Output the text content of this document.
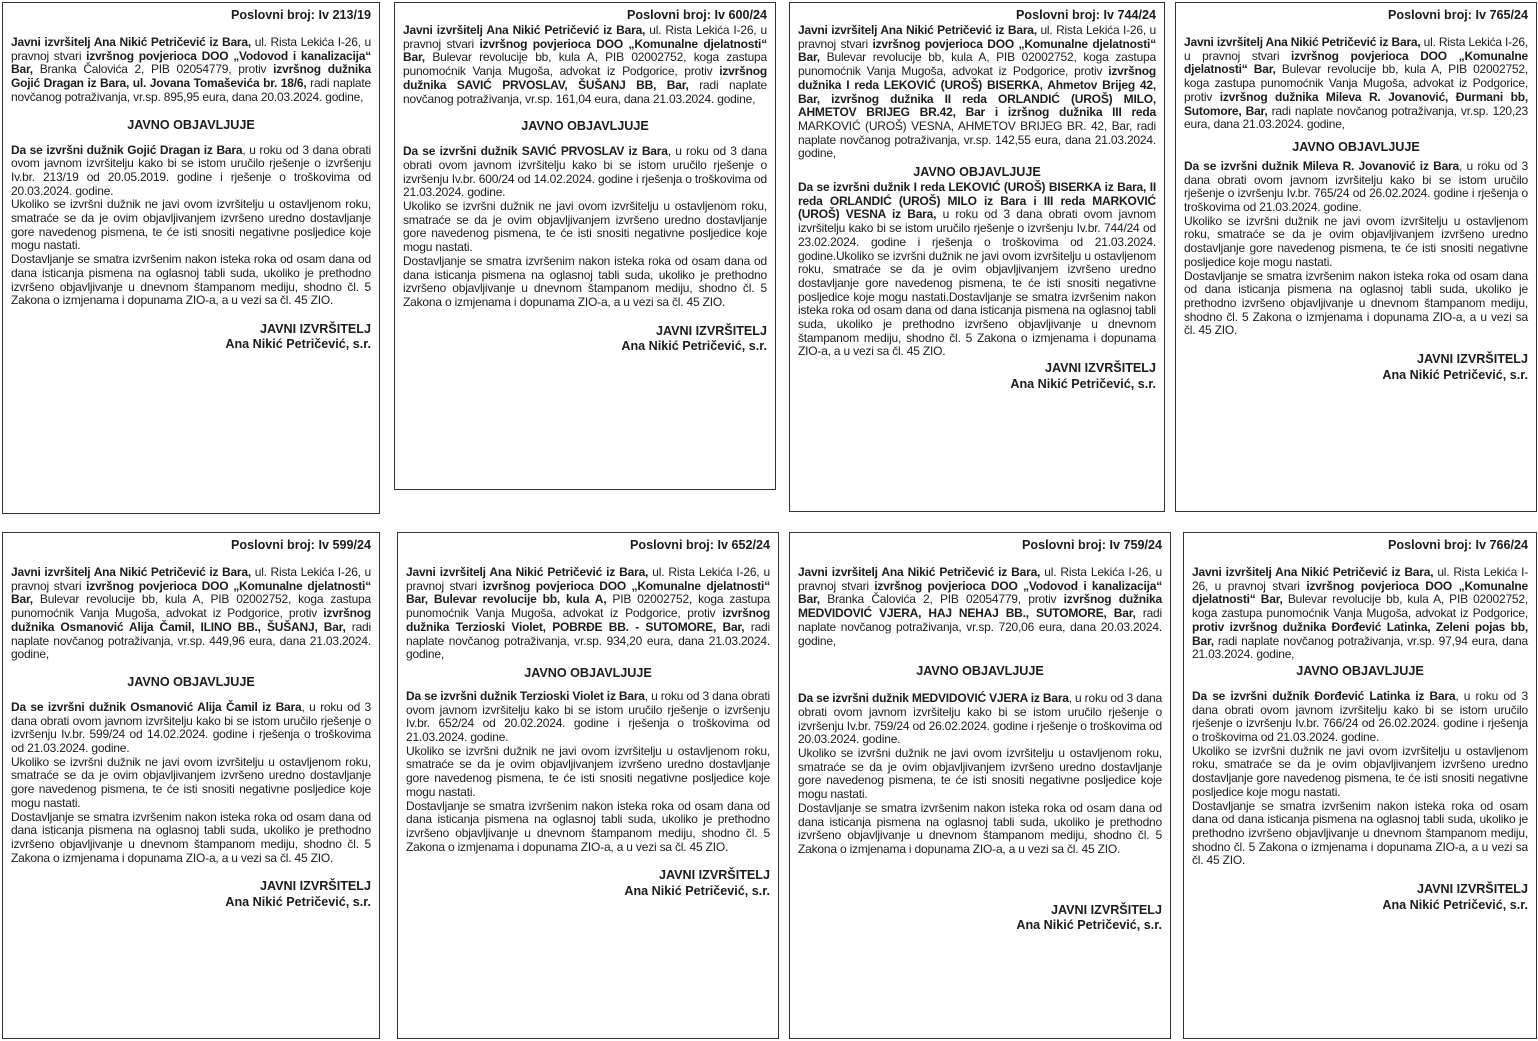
Poslovni broj: Iv 213/19
Javni izvršitelj Ana Nikić Petričević iz Bara, ul. Rista Lekića I-26, u pravnoj stvari izvršnog povjerioca DOO „Vodovod i kanalizacija“ Bar, Branka Čalovića 2, PIB 02054779, protiv izvršnog dužnika Gojić Dragan iz Bara, ul. Jovana Tomaševića br. 18/6, radi naplate novčanog potraživanja, vr.sp. 895,95 eura, dana 20.03.2024. godine,
JAVNO OBJAVLJUJE
Da se izvršni dužnik Gojić Dragan iz Bara, u roku od 3 dana obrati ovom javnom izvršitelju kako bi se istom uručilo rješenje o izvršenju Iv.br. 213/19 od 20.05.2019. godine i rješenje o troškovima od 20.03.2024. godine.
Ukoliko se izvršni dužnik ne javi ovom izvršitelju u ostavljenom roku, smatraće se da je ovim objavljivanjem izvršeno uredno dostavljanje gore navedenog pismena, te će isti snositi negativne posljedice koje mogu nastati.
Dostavljanje se smatra izvršenim nakon isteka roka od osam dana od dana isticanja pismena na oglasnoj tabli suda, ukoliko je prethodno izvršeno objavljivanje u dnevnom štampanom mediju, shodno čl. 5 Zakona o izmjenama i dopunama ZIO-a, a u vezi sa čl. 45 ZIO.
JAVNI IZVRŠITELJ
Ana Nikić Petričević, s.r.
Poslovni broj: Iv 600/24
Javni izvršitelj Ana Nikić Petričević iz Bara, ul. Rista Lekića I-26, u pravnoj stvari izvršnog povjerioca DOO „Komunalne djelatnosti“ Bar, Bulevar revolucije bb, kula A, PIB 02002752, koga zastupa punomoćnik Vanja Mugoša, advokat iz Podgorice, protiv izvršnog dužnika SAVIĆ PRVOSLAV, ŠUŠANJ BB, Bar, radi naplate novčanog potraživanja, vr.sp. 161,04 eura, dana 21.03.2024. godine,
JAVNO OBJAVLJUJE
Da se izvršni dužnik SAVIĆ PRVOSLAV iz Bara, u roku od 3 dana obrati ovom javnom izvršitelju kako bi se istom uručilo rješenje o izvršenju Iv.br. 600/24 od 14.02.2024. godine i rješenja o troškovima od 21.03.2024. godine.
Ukoliko se izvršni dužnik ne javi ovom izvršitelju u ostavljenom roku, smatraće se da je ovim objavljivanjem izvršeno uredno dostavljanje gore navedenog pismena, te će isti snositi negativne posljedice koje mogu nastati.
Dostavljanje se smatra izvršenim nakon isteka roka od osam dana od dana isticanja pismena na oglasnoj tabli suda, ukoliko je prethodno izvršeno objavljivanje u dnevnom štampanom mediju, shodno čl. 5 Zakona o izmjenama i dopunama ZIO-a, a u vezi sa čl. 45 ZIO.
JAVNI IZVRŠITELJ
Ana Nikić Petričević, s.r.
Poslovni broj: Iv 744/24
Javni izvršitelj Ana Nikić Petričević iz Bara, ul. Rista Lekića I-26, u pravnoj stvari izvršnog povjerioca DOO „Komunalne djelatnosti“ Bar, Bulevar revolucije bb, kula A, PIB 02002752, koga zastupa punomoćnik Vanja Mugoša, advokat iz Podgorice, protiv izvršnog dužnika I reda LEKOVIĆ (UROŠ) BISERKA, Ahmetov Brijeg 42, Bar, izvršnog dužnika II reda ORLANDIĆ (UROŠ) MILO, AHMETOV BRIJEG BR.42, Bar i izršnog dužnika III reda MARKOVIĆ (UROŠ) VESNA, AHMETOV BRIJEG BR. 42, Bar, radi naplate novčanog potraživanja, vr.sp. 142,55 eura, dana 21.03.2024. godine,
JAVNO OBJAVLJUJE
Da se izvršni dužnik I reda LEKOVIĆ (UROŠ) BISERKA iz Bara, II reda ORLANDIĆ (UROŠ) MILO iz Bara i III reda MARKOVIĆ (UROŠ) VESNA iz Bara, u roku od 3 dana obrati ovom javnom izvršitelju kako bi se istom uručilo rješenje o izvršenju Iv.br. 744/24 od 23.02.2024. godine i rješenja o troškovima od 21.03.2024. godine.Ukoliko se izvršni dužnik ne javi ovom izvršitelju u ostavljenom roku, smatraće se da je ovim objavljivanjem izvršeno uredno dostavljanje gore navedenog pismena, te će isti snositi negativne posljedice koje mogu nastati.Dostavljanje se smatra izvršenim nakon isteka roka od osam dana od dana isticanja pismena na oglasnoj tabli suda, ukoliko je prethodno izvršeno objavljivanje u dnevnom štampanom mediju, shodno čl. 5 Zakona o izmjenama i dopunama ZIO-a, a u vezi sa čl. 45 ZIO.
JAVNI IZVRŠITELJ
Ana Nikić Petričević, s.r.
Poslovni broj: Iv 765/24
Javni izvršitelj Ana Nikić Petričević iz Bara, ul. Rista Lekića I-26, u pravnoj stvari izvršnog povjerioca DOO „Komunalne djelatnosti“ Bar, Bulevar revolucije bb, kula A, PIB 02002752, koga zastupa punomoćnik Vanja Mugoša, advokat iz Podgorice, protiv izvršnog dužnika Mileva R. Jovanović, Đurmani bb, Sutomore, Bar, radi naplate novčanog potraživanja, vr.sp. 120,23 eura, dana 21.03.2024. godine,
JAVNO OBJAVLJUJE
Da se izvršni dužnik Mileva R. Jovanović iz Bara, u roku od 3 dana obrati ovom javnom izvršitelju kako bi se istom uručilo rješenje o izvršenju Iv.br. 765/24 od 26.02.2024. godine i rješenja o troškovima od 21.03.2024. godine.
Ukoliko se izvršni dužnik ne javi ovom izvršitelju u ostavljenom roku, smatraće se da je ovim objavljivanjem izvršeno uredno dostavljanje gore navedenog pismena, te će isti snositi negativne posljedice koje mogu nastati.
Dostavljanje se smatra izvršenim nakon isteka roka od osam dana od dana isticanja pismena na oglasnoj tabli suda, ukoliko je prethodno izvršeno objavljivanje u dnevnom štampanom mediju, shodno čl. 5 Zakona o izmjenama i dopunama ZIO-a, a u vezi sa čl. 45 ZIO.
JAVNI IZVRŠITELJ
Ana Nikić Petričević, s.r.
Poslovni broj: Iv 599/24
Javni izvršitelj Ana Nikić Petričević iz Bara, ul. Rista Lekića I-26, u pravnoj stvari izvršnog povjerioca DOO „Komunalne djelatnosti“ Bar, Bulevar revolucije bb, kula A, PIB 02002752, koga zastupa punomoćnik Vanja Mugoša, advokat iz Podgorice, protiv izvršnog dužnika Osmanović Alija Čamil, ILINO BB., ŠUŠANJ, Bar, radi naplate novčanog potraživanja, vr.sp. 449,96 eura, dana 21.03.2024. godine,
JAVNO OBJAVLJUJE
Da se izvršni dužnik Osmanović Alija Čamil iz Bara, u roku od 3 dana obrati ovom javnom izvršitelju kako bi se istom uručilo rješenje o izvršenju Iv.br. 599/24 od 14.02.2024. godine i rješenja o troškovima od 21.03.2024. godine.
Ukoliko se izvršni dužnik ne javi ovom izvršitelju u ostavljenom roku, smatraće se da je ovim objavljivanjem izvršeno uredno dostavljanje gore navedenog pismena, te će isti snositi negativne posljedice koje mogu nastati.
Dostavljanje se smatra izvršenim nakon isteka roka od osam dana od dana isticanja pismena na oglasnoj tabli suda, ukoliko je prethodno izvršeno objavljivanje u dnevnom štampanom mediju, shodno čl. 5 Zakona o izmjenama i dopunama ZIO-a, a u vezi sa čl. 45 ZIO.
JAVNI IZVRŠITELJ
Ana Nikić Petričević, s.r.
Poslovni broj: Iv 652/24
Javni izvršitelj Ana Nikić Petričević iz Bara, ul. Rista Lekića I-26, u pravnoj stvari izvršnog povjerioca DOO „Komunalne djelatnosti“ Bar, Bulevar revolucije bb, kula A, PIB 02002752, koga zastupa punomoćnik Vanja Mugoša, advokat iz Podgorice, protiv izvršnog dužnika Terzioski Violet, POBRĐE BB. - SUTOMORE, Bar, radi naplate novčanog potraživanja, vr.sp. 934,20 eura, dana 21.03.2024. godine,
JAVNO OBJAVLJUJE
Da se izvršni dužnik Terzioski Violet iz Bara, u roku od 3 dana obrati ovom javnom izvršitelju kako bi se istom uručilo rješenje o izvršenju Iv.br. 652/24 od 20.02.2024. godine i rješenja o troškovima od 21.03.2024. godine.
Ukoliko se izvršni dužnik ne javi ovom izvršitelju u ostavljenom roku, smatraće se da je ovim objavljivanjem izvršeno uredno dostavljanje gore navedenog pismena, te će isti snositi negativne posljedice koje mogu nastati.
Dostavljanje se smatra izvršenim nakon isteka roka od osam dana od dana isticanja pismena na oglasnoj tabli suda, ukoliko je prethodno izvršeno objavljivanje u dnevnom štampanom mediju, shodno čl. 5 Zakona o izmjenama i dopunama ZIO-a, a u vezi sa čl. 45 ZIO.
JAVNI IZVRŠITELJ
Ana Nikić Petričević, s.r.
Poslovni broj: Iv 759/24
Javni izvršitelj Ana Nikić Petričević iz Bara, ul. Rista Lekića I-26, u pravnoj stvari izvršnog povjerioca DOO „Vodovod i kanalizacija“ Bar, Branka Čalovića 2, PIB 02054779, protiv izvršnog dužnika MEDVIDOVIĆ VJERA, HAJ NEHAJ BB., SUTOMORE, Bar, radi naplate novčanog potraživanja, vr.sp. 720,06 eura, dana 20.03.2024. godine,
JAVNO OBJAVLJUJE
Da se izvršni dužnik MEDVIDOVIĆ VJERA iz Bara, u roku od 3 dana obrati ovom javnom izvršitelju kako bi se istom uručilo rješenje o izvršenju Iv.br. 759/24 od 26.02.2024. godine i rješenje o troškovima od 20.03.2024. godine.
Ukoliko se izvršni dužnik ne javi ovom izvršitelju u ostavljenom roku, smatraće se da je ovim objavljivanjem izvršeno uredno dostavljanje gore navedenog pismena, te će isti snositi negativne posljedice koje mogu nastati.
Dostavljanje se smatra izvršenim nakon isteka roka od osam dana od dana isticanja pismena na oglasnoj tabli suda, ukoliko je prethodno izvršeno objavljivanje u dnevnom štampanom mediju, shodno čl. 5 Zakona o izmjenama i dopunama ZIO-a, a u vezi sa čl. 45 ZIO.
JAVNI IZVRŠITELJ
Ana Nikić Petričević, s.r.
Poslovni broj: Iv 766/24
Javni izvršitelj Ana Nikić Petričević iz Bara, ul. Rista Lekića I-26, u pravnoj stvari izvršnog povjerioca DOO „Komunalne djelatnosti“ Bar, Bulevar revolucije bb, kula A, PIB 02002752, koga zastupa punomoćnik Vanja Mugoša, advokat iz Podgorice, protiv izvršnog dužnika Đorđević Latinka, Zeleni pojas bb, Bar, radi naplate novčanog potraživanja, vr.sp. 97,94 eura, dana 21.03.2024. godine,
JAVNO OBJAVLJUJE
Da se izvršni dužnik Đorđević Latinka iz Bara, u roku od 3 dana obrati ovom javnom izvršitelju kako bi se istom uručilo rješenje o izvršenju Iv.br. 766/24 od 26.02.2024. godine i rješenja o troškovima od 21.03.2024. godine.
Ukoliko se izvršni dužnik ne javi ovom izvršitelju u ostavljenom roku, smatraće se da je ovim objavljivanjem izvršeno uredno dostavljanje gore navedenog pismena, te će isti snositi negativne posljedice koje mogu nastati.
Dostavljanje se smatra izvršenim nakon isteka roka od osam dana od dana isticanja pismena na oglasnoj tabli suda, ukoliko je prethodno izvršeno objavljivanje u dnevnom štampanom mediju, shodno čl. 5 Zakona o izmjenama i dopunama ZIO-a, a u vezi sa čl. 45 ZIO.
JAVNI IZVRŠITELJ
Ana Nikić Petričević, s.r.
